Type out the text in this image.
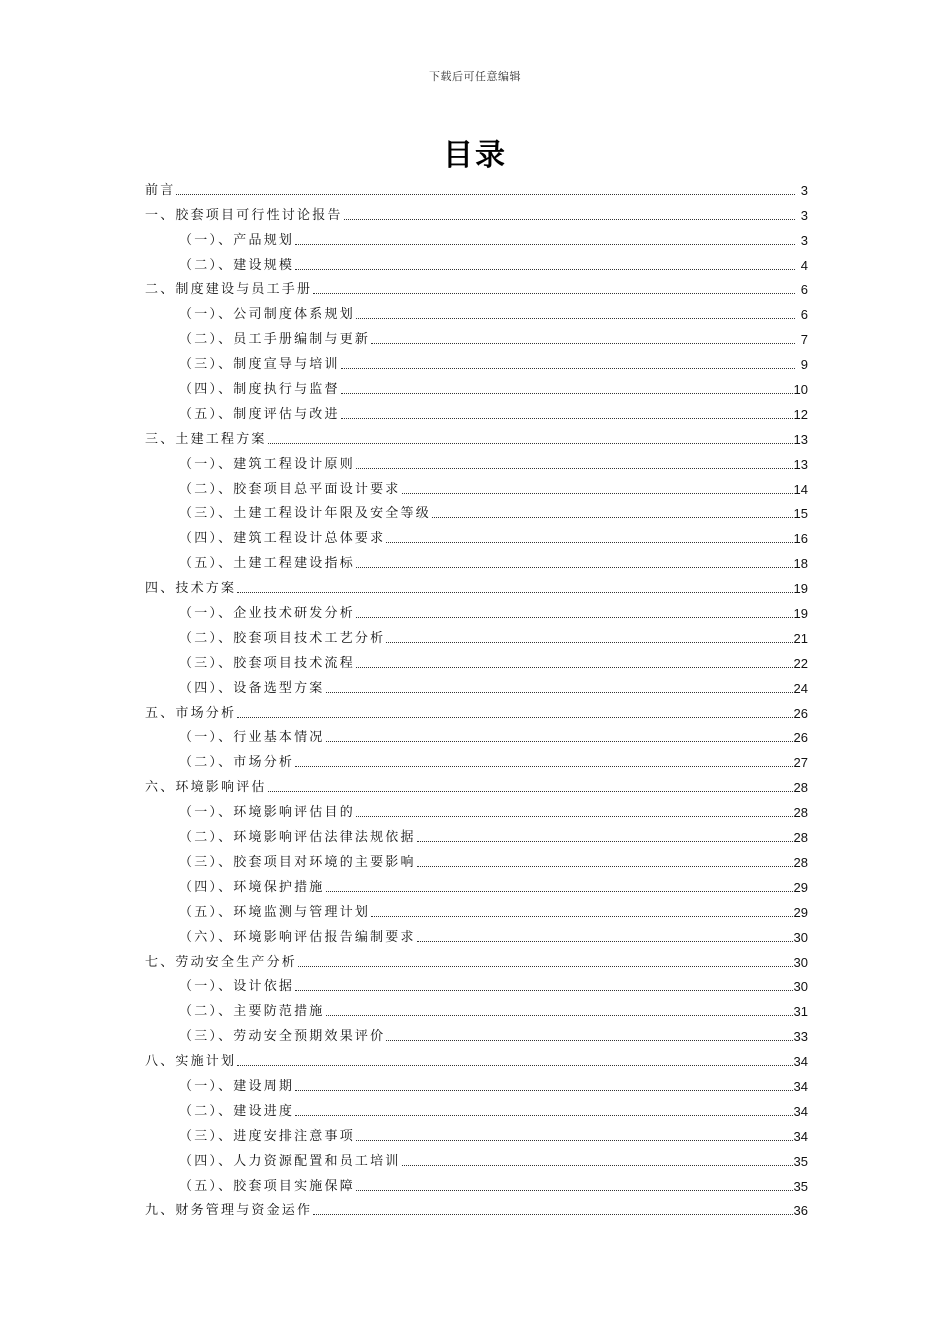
下载后可任意编辑
目录
前言	3
一、胶套项目可行性讨论报告	3
（一）、产品规划	3
（二）、建设规模	4
二、制度建设与员工手册	6
（一）、公司制度体系规划	6
（二）、员工手册编制与更新	7
（三）、制度宣导与培训	9
（四）、制度执行与监督	10
（五）、制度评估与改进	12
三、土建工程方案	13
（一）、建筑工程设计原则	13
（二）、胶套项目总平面设计要求	14
（三）、土建工程设计年限及安全等级	15
（四）、建筑工程设计总体要求	16
（五）、土建工程建设指标	18
四、技术方案	19
（一）、企业技术研发分析	19
（二）、胶套项目技术工艺分析	21
（三）、胶套项目技术流程	22
（四）、设备选型方案	24
五、市场分析	26
（一）、行业基本情况	26
（二）、市场分析	27
六、环境影响评估	28
（一）、环境影响评估目的	28
（二）、环境影响评估法律法规依据	28
（三）、胶套项目对环境的主要影响	28
（四）、环境保护措施	29
（五）、环境监测与管理计划	29
（六）、环境影响评估报告编制要求	30
七、劳动安全生产分析	30
（一）、设计依据	30
（二）、主要防范措施	31
（三）、劳动安全预期效果评价	33
八、实施计划	34
（一）、建设周期	34
（二）、建设进度	34
（三）、进度安排注意事项	34
（四）、人力资源配置和员工培训	35
（五）、胶套项目实施保障	35
九、财务管理与资金运作	36
